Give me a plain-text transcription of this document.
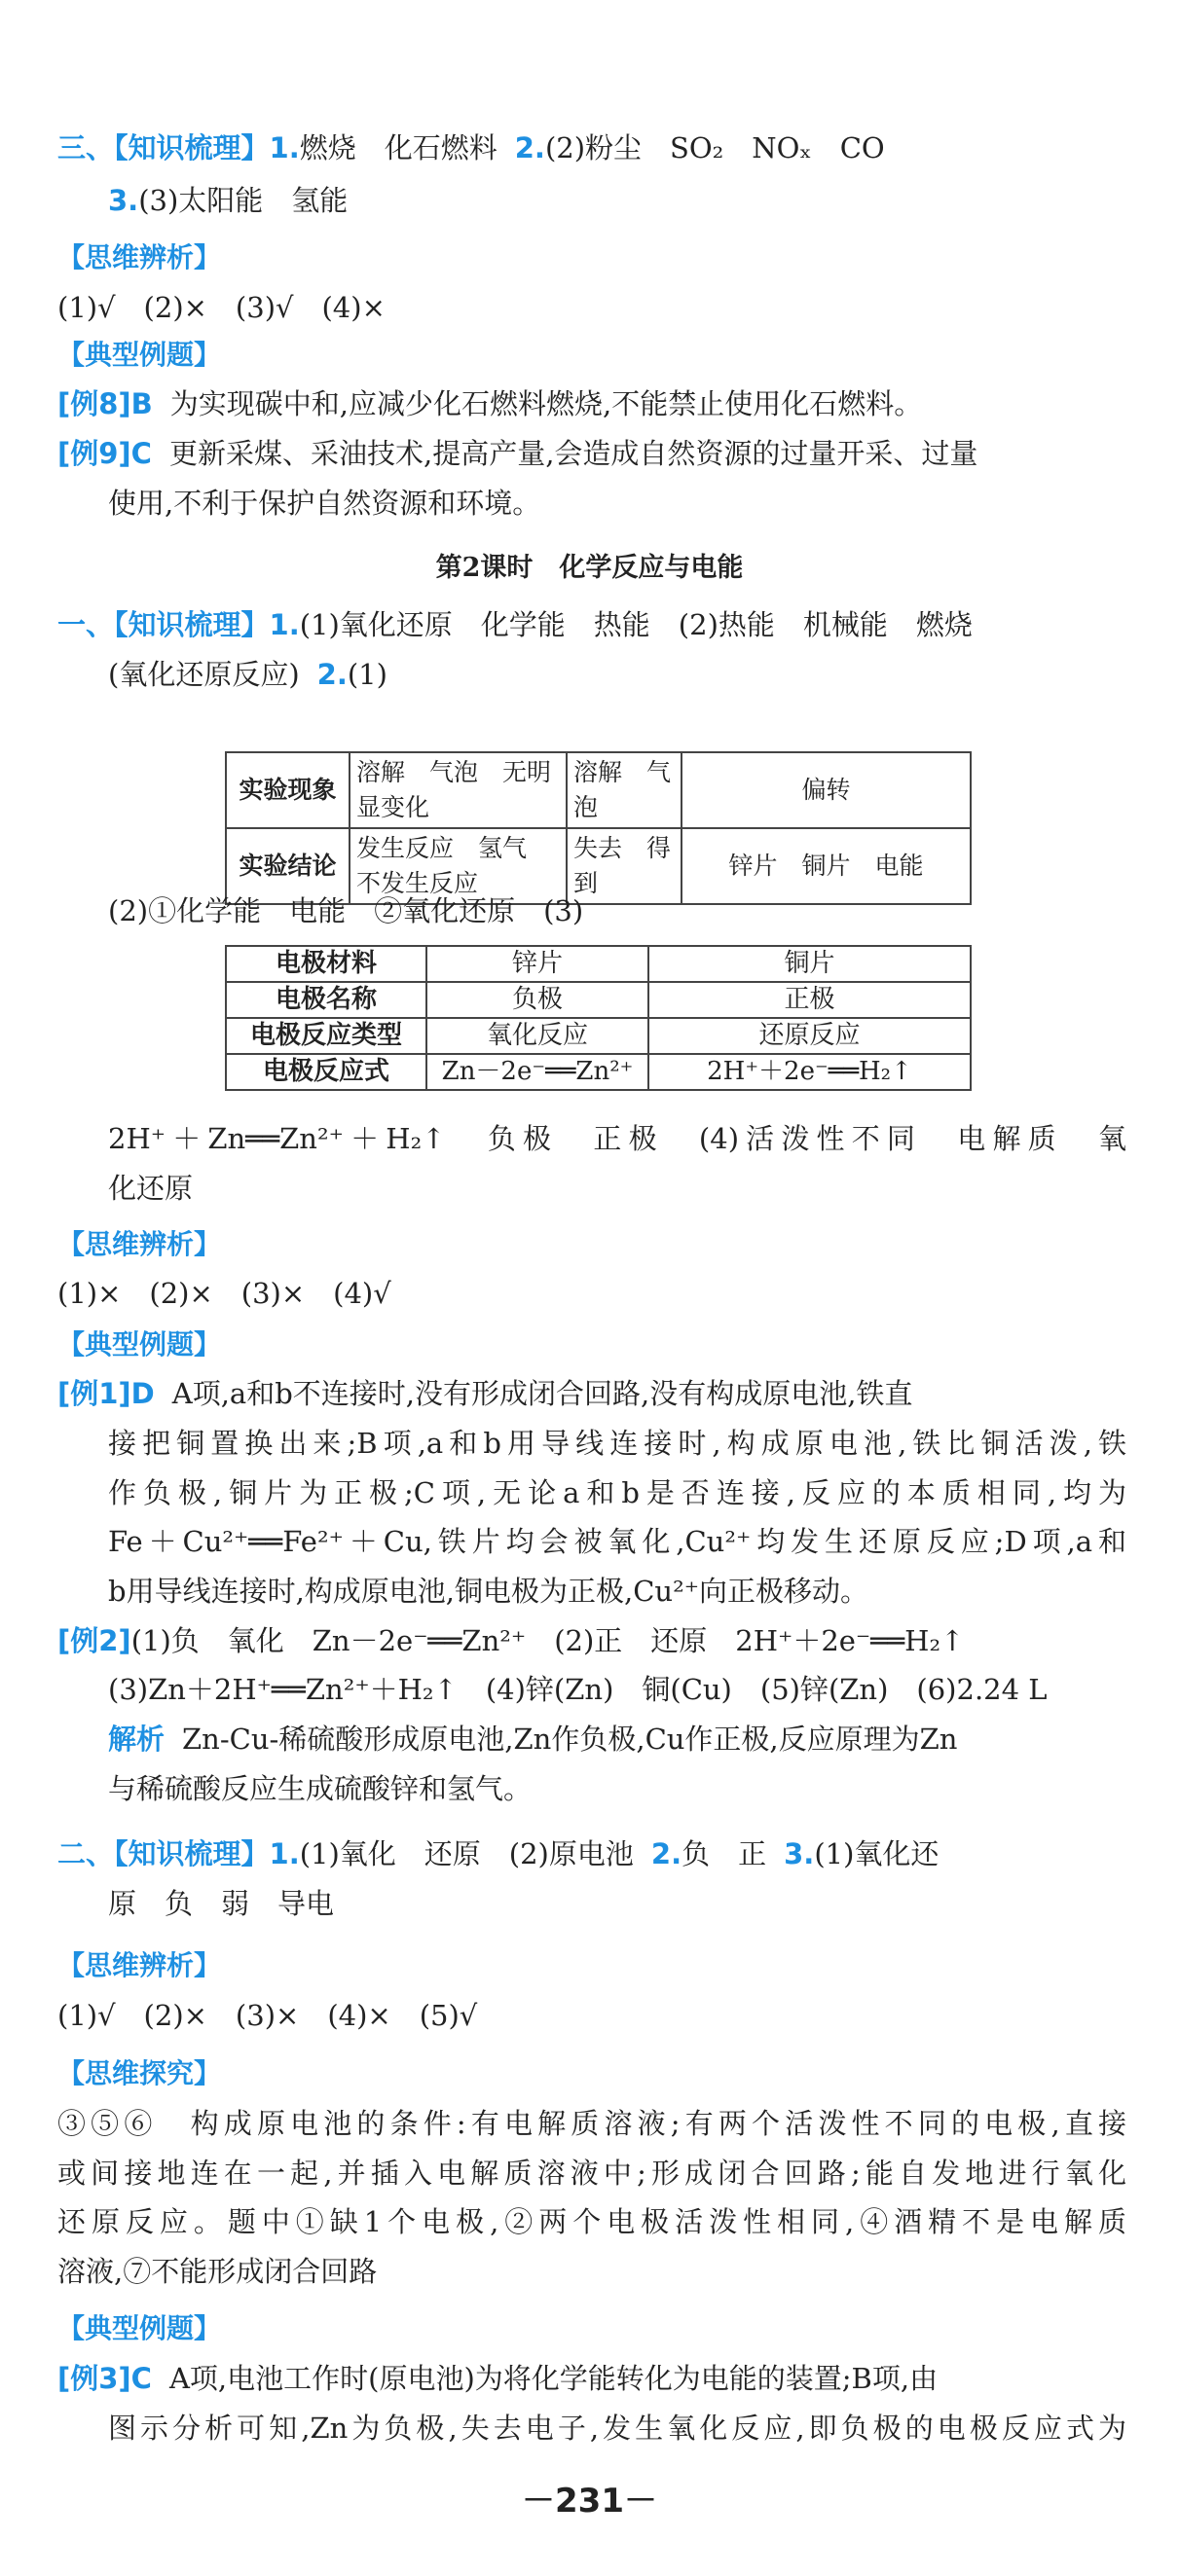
三、【知识梳理】1.燃烧　化石燃料 2.(2)粉尘　SO₂　NOₓ　CO
3.(3)太阳能　氢能
【思维辨析】
(1)√　(2)×　(3)√　(4)×
【典型例题】
[例8]B 为实现碳中和,应减少化石燃料燃烧,不能禁止使用化石燃料。
[例9]C 更新采煤、采油技术,提高产量,会造成自然资源的过量开采、过量
使用,不利于保护自然资源和环境。
第2课时　化学反应与电能
一、【知识梳理】1.(1)氧化还原　化学能　热能　(2)热能　机械能　燃烧
(氧化还原反应) 2.(1)
实验现象	溶解　气泡　无明显变化	溶解　气泡	偏转
实验结论	发生反应　氢气　不发生反应	失去　得到	锌片　铜片　电能
(2)①化学能　电能　②氧化还原　(3)
电极材料	锌片	铜片
电极名称	负极	正极
电极反应类型	氧化反应	还原反应
电极反应式	Zn－2e⁻══Zn²⁺	2H⁺＋2e⁻══H₂↑
2H⁺＋Zn══Zn²⁺＋H₂↑　负极　正极　(4)活泼性不同　电解质　氧
化还原
【思维辨析】
(1)×　(2)×　(3)×　(4)√
【典型例题】
[例1]D A项,a和b不连接时,没有形成闭合回路,没有构成原电池,铁直
接把铜置换出来;B项,a和b用导线连接时,构成原电池,铁比铜活泼,铁
作负极,铜片为正极;C项,无论a和b是否连接,反应的本质相同,均为
Fe＋Cu²⁺══Fe²⁺＋Cu,铁片均会被氧化,Cu²⁺均发生还原反应;D项,a和
b用导线连接时,构成原电池,铜电极为正极,Cu²⁺向正极移动。
[例2](1)负　氧化　Zn－2e⁻══Zn²⁺　(2)正　还原　2H⁺＋2e⁻══H₂↑
(3)Zn＋2H⁺══Zn²⁺＋H₂↑　(4)锌(Zn)　铜(Cu)　(5)锌(Zn)　(6)2.24 L
解析 Zn-Cu-稀硫酸形成原电池,Zn作负极,Cu作正极,反应原理为Zn
与稀硫酸反应生成硫酸锌和氢气。
二、【知识梳理】1.(1)氧化　还原　(2)原电池 2.负　正 3.(1)氧化还
原　负　弱　导电
【思维辨析】
(1)√　(2)×　(3)×　(4)×　(5)√
【思维探究】
③⑤⑥　构成原电池的条件:有电解质溶液;有两个活泼性不同的电极,直接
或间接地连在一起,并插入电解质溶液中;形成闭合回路;能自发地进行氧化
还原反应。题中①缺1个电极,②两个电极活泼性相同,④酒精不是电解质
溶液,⑦不能形成闭合回路
【典型例题】
[例3]C A项,电池工作时(原电池)为将化学能转化为电能的装置;B项,由
图示分析可知,Zn为负极,失去电子,发生氧化反应,即负极的电极反应式为
－231－
